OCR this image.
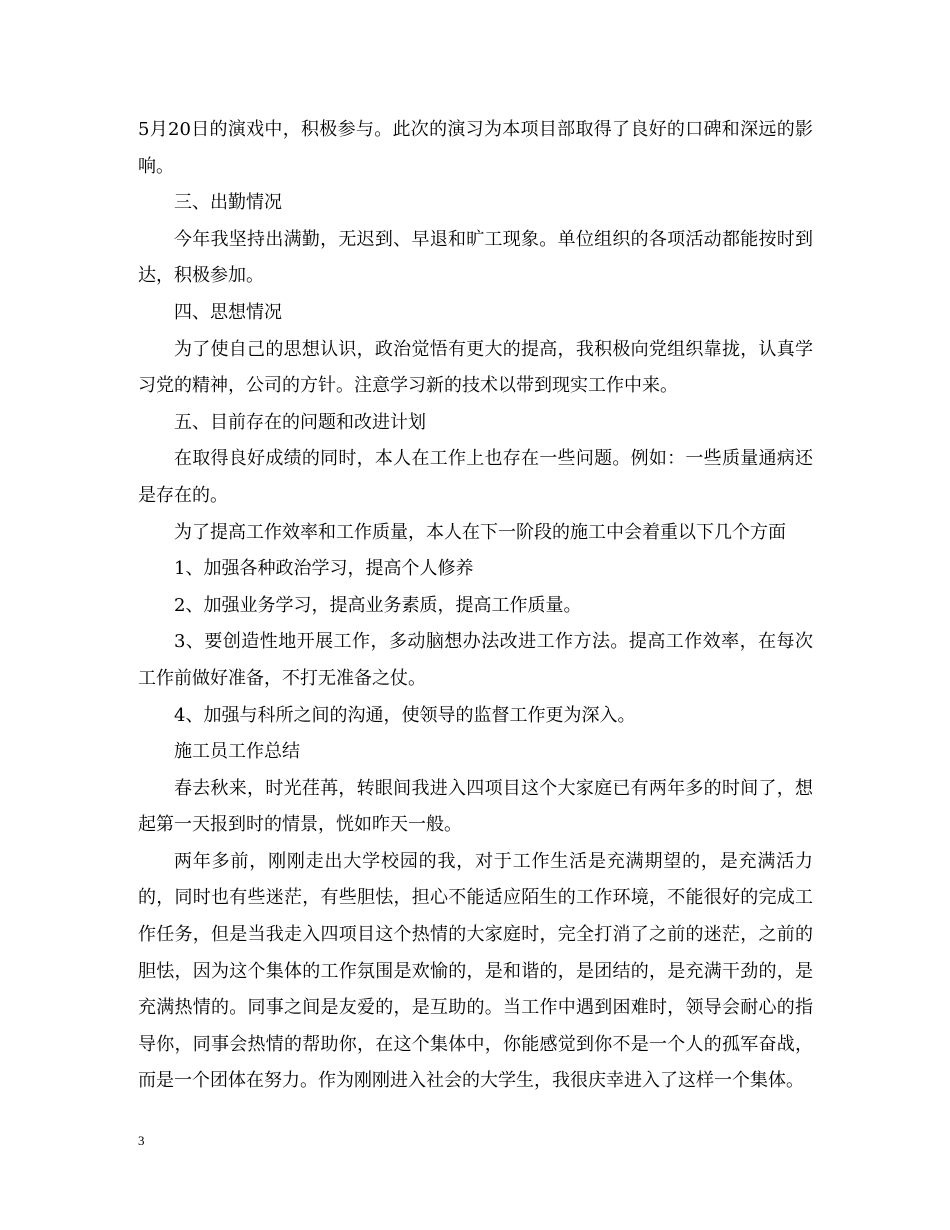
5月20日的演戏中，积极参与。此次的演习为本项目部取得了良好的口碑和深远的影响。

三、出勤情况

今年我坚持出满勤，无迟到、早退和旷工现象。单位组织的各项活动都能按时到达，积极参加。

四、思想情况

为了使自己的思想认识，政治觉悟有更大的提高，我积极向党组织靠拢，认真学习党的精神，公司的方针。注意学习新的技术以带到现实工作中来。

五、目前存在的问题和改进计划

在取得良好成绩的同时，本人在工作上也存在一些问题。例如：一些质量通病还是存在的。

为了提高工作效率和工作质量，本人在下一阶段的施工中会着重以下几个方面

1、加强各种政治学习，提高个人修养

2、加强业务学习，提高业务素质，提高工作质量。

3、要创造性地开展工作，多动脑想办法改进工作方法。提高工作效率，在每次工作前做好准备，不打无准备之仗。

4、加强与科所之间的沟通，使领导的监督工作更为深入。

施工员工作总结

春去秋来，时光荏苒，转眼间我进入四项目这个大家庭已有两年多的时间了，想起第一天报到时的情景，恍如昨天一般。

两年多前，刚刚走出大学校园的我，对于工作生活是充满期望的，是充满活力的，同时也有些迷茫，有些胆怯，担心不能适应陌生的工作环境，不能很好的完成工作任务，但是当我走入四项目这个热情的大家庭时，完全打消了之前的迷茫，之前的胆怯，因为这个集体的工作氛围是欢愉的，是和谐的，是团结的，是充满干劲的，是充满热情的。同事之间是友爱的，是互助的。当工作中遇到困难时，领导会耐心的指导你，同事会热情的帮助你，在这个集体中，你能感觉到你不是一个人的孤军奋战，而是一个团体在努力。作为刚刚进入社会的大学生，我很庆幸进入了这样一个集体。

3
